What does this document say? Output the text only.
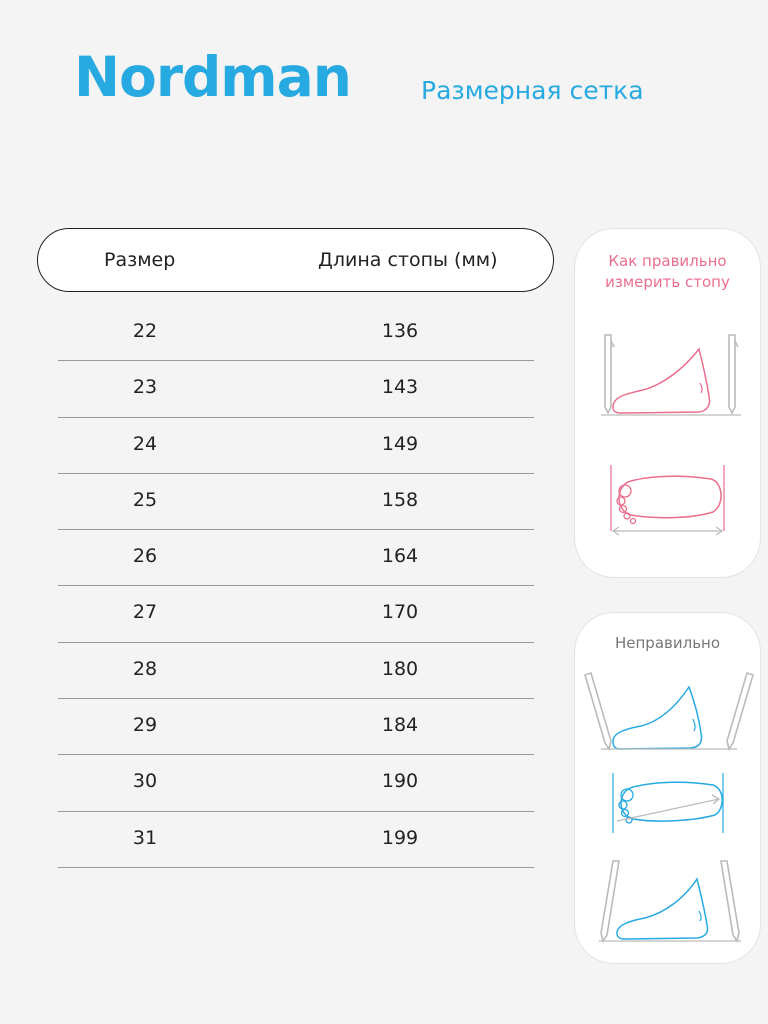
Nordman	Размерная сетка
Размер	Длина стопы (мм)
22	136
23	143
24	149
25	158
26	164
27	170
28	180
29	184
30	190
31	199
Как правильно
измерить стопу
Неправильно
